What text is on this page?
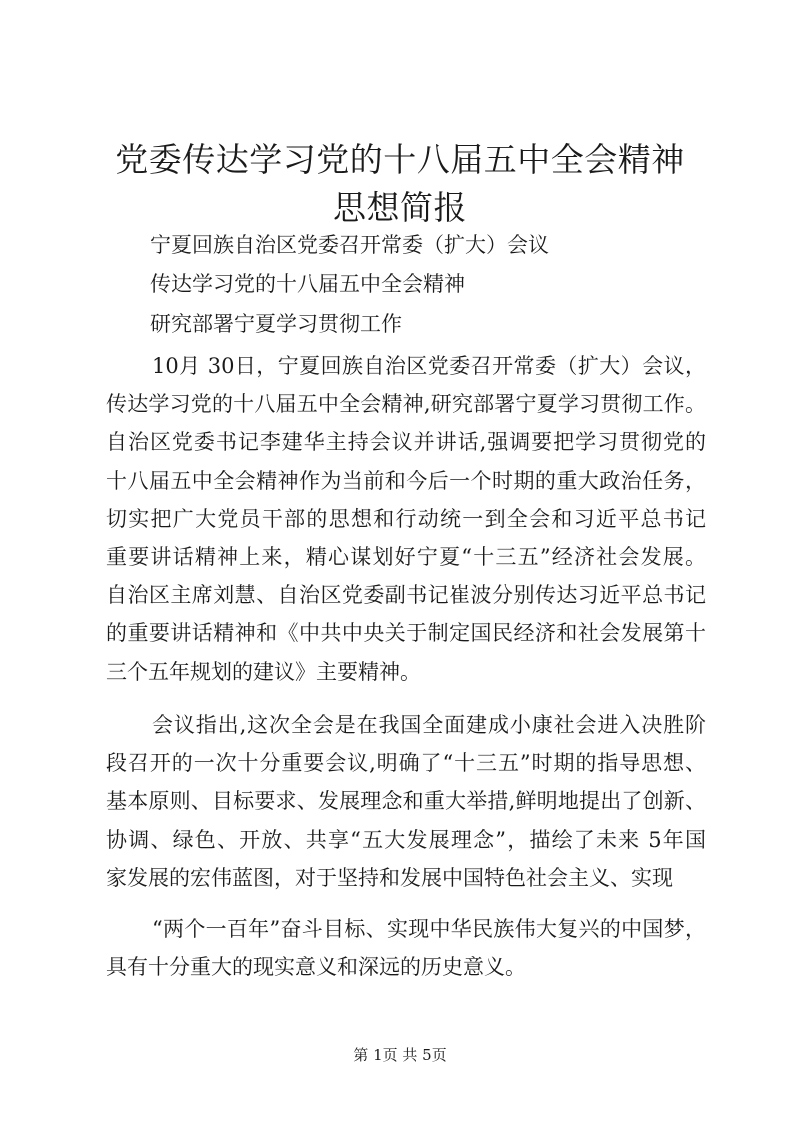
党委传达学习党的十八届五中全会精神思想简报

宁夏回族自治区党委召开常委（扩大）会议

传达学习党的十八届五中全会精神

研究部署宁夏学习贯彻工作

10月 30日，宁夏回族自治区党委召开常委（扩大）会议，
传达学习党的十八届五中全会精神,研究部署宁夏学习贯彻工作。
自治区党委书记李建华主持会议并讲话,强调要把学习贯彻党的
十八届五中全会精神作为当前和今后一个时期的重大政治任务，
切实把广大党员干部的思想和行动统一到全会和习近平总书记
重要讲话精神上来，精心谋划好宁夏“十三五”经济社会发展。
自治区主席刘慧、自治区党委副书记崔波分别传达习近平总书记
的重要讲话精神和《中共中央关于制定国民经济和社会发展第十
三个五年规划的建议》主要精神。
会议指出,这次全会是在我国全面建成小康社会进入决胜阶
段召开的一次十分重要会议,明确了“十三五”时期的指导思想、
基本原则、目标要求、发展理念和重大举措,鲜明地提出了创新、
协调、绿色、开放、共享“五大发展理念”，描绘了未来 5年国
家发展的宏伟蓝图，对于坚持和发展中国特色社会主义、实现
“两个一百年”奋斗目标、实现中华民族伟大复兴的中国梦，
具有十分重大的现实意义和深远的历史意义。

第 1页 共 5页
